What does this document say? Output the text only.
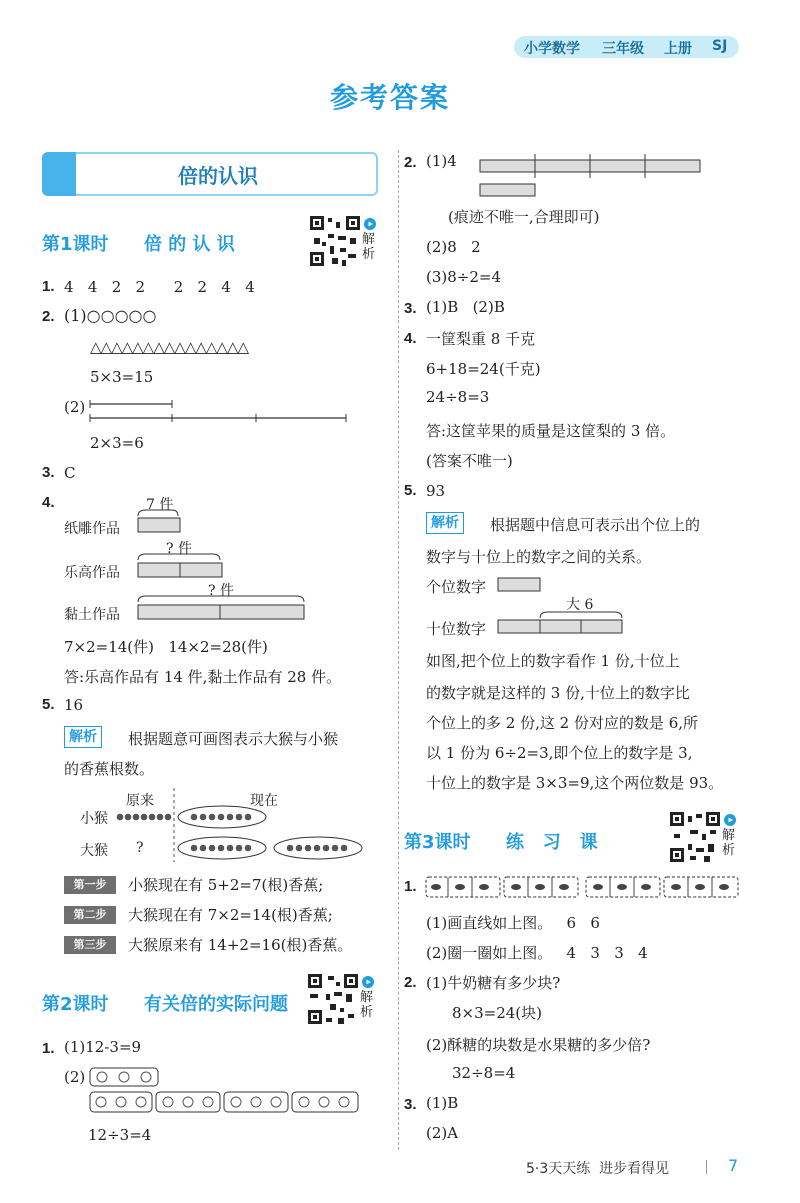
小学数学 三年级 上册 SJ
参考答案
倍的认识
第1课时 倍 的 认 识	解析
1. 4   4   2   2      2   2   4   4
2. (1)○○○○○
△△△△△△△△△△△△△△△
5×3=15
(2)
2×3=6
3. C
4.	7 件
纸雕作品
? 件
乐高作品
? 件
黏土作品
7×2=14(件)   14×2=28(件)
答:乐高作品有 14 件,黏土作品有 28 件。
5. 16
解析	根据题意可画图表示大猴与小猴
的香蕉根数。
原来	现在
小猴
大猴 ?
第一步	小猴现在有 5+2=7(根)香蕉;
第二步	大猴现在有 7×2=14(根)香蕉;
第三步	大猴原来有 14+2=16(根)香蕉。
第2课时 有关倍的实际问题	解析
1. (1)12-3=9
(2)
12÷3=4
2. (1)4
(痕迹不唯一,合理即可)
(2)8   2
(3)8÷2=4
3. (1)B   (2)B
4. 一筐梨重 8 千克
6+18=24(千克)
24÷8=3
答:这筐苹果的质量是这筐梨的 3 倍。
(答案不唯一)
5. 93
解析	根据题中信息可表示出个位上的
数字与十位上的数字之间的关系。
个位数字
大 6
十位数字
如图,把个位上的数字看作 1 份,十位上
的数字就是这样的 3 份,十位上的数字比
个位上的多 2 份,这 2 份对应的数是 6,所
以 1 份为 6÷2=3,即个位上的数字是 3,
十位上的数字是 3×3=9,这个两位数是 93。
第3课时 练   习   课	解析
1.
(1)画直线如上图。   6   6
(2)圈一圈如上图。   4   3   3   4
2. (1)牛奶糖有多少块?
8×3=24(块)
(2)酥糖的块数是水果糖的多少倍?
32÷8=4
3. (1)B
(2)A
5·3天天练  进步看得见	7
